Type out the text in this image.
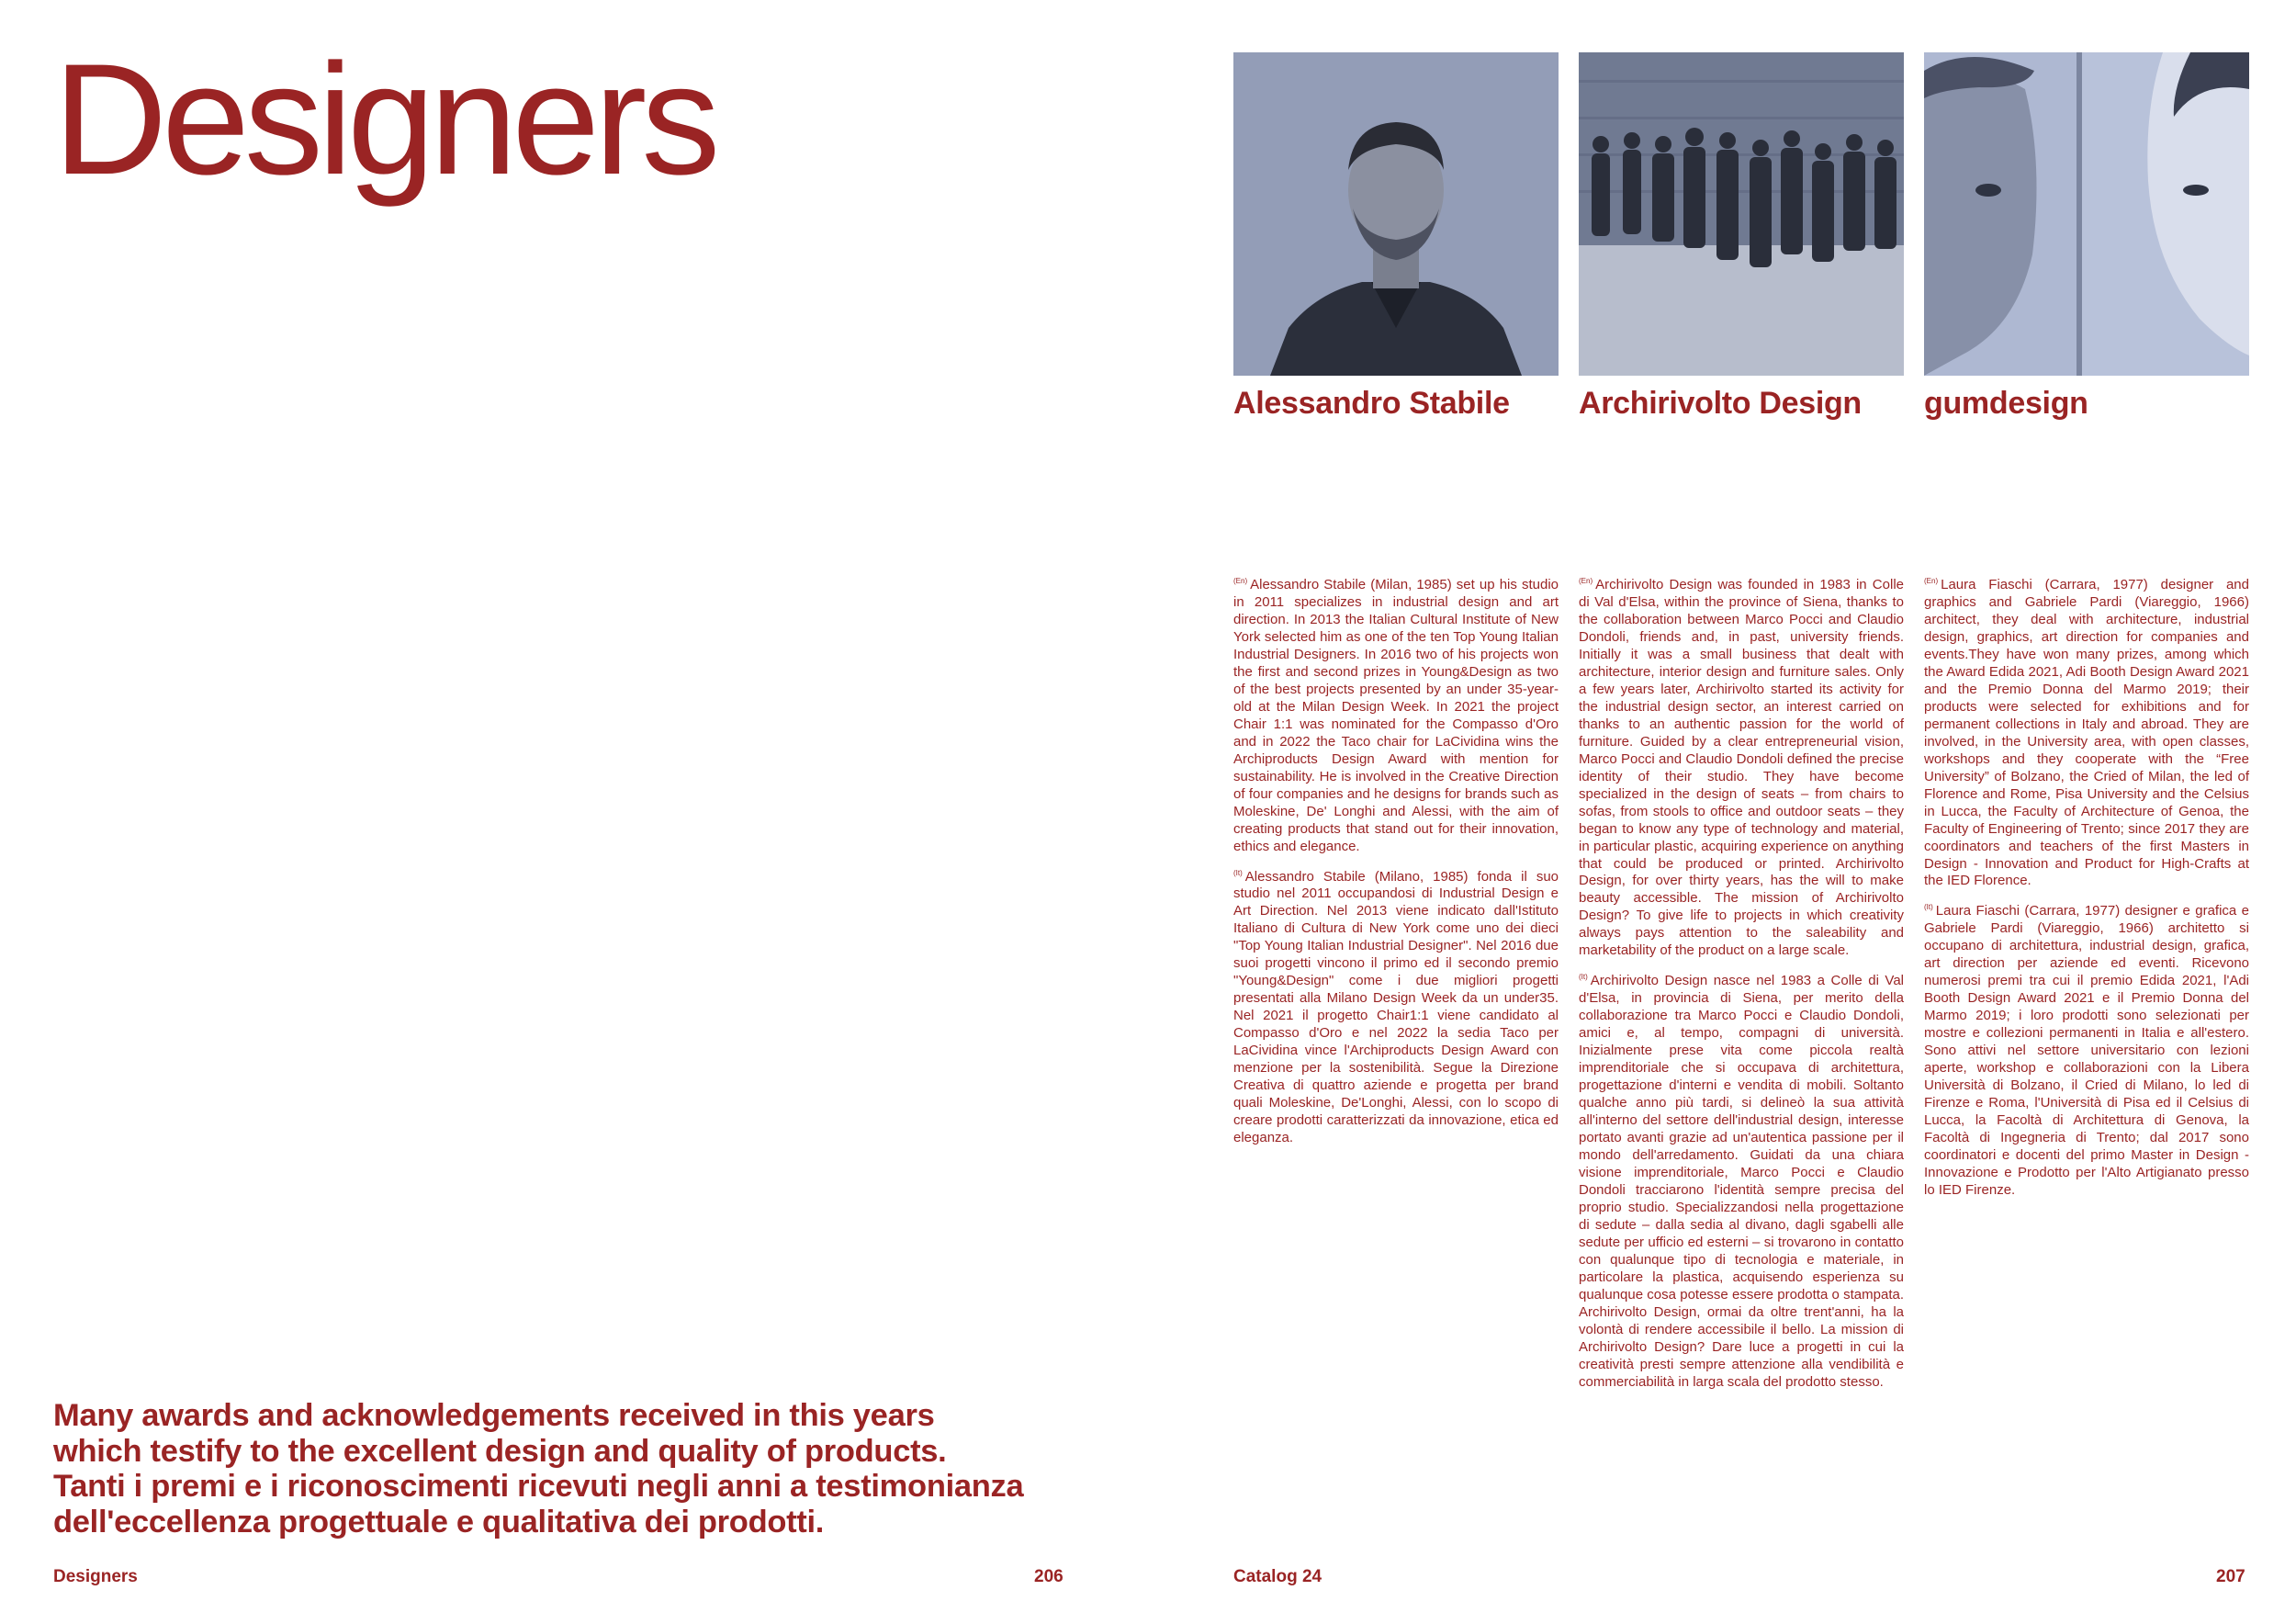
Designers
Many awards and acknowledgements received in this years
which testify to the excellent design and quality of products.
Tanti i premi e i riconoscimenti ricevuti negli anni a testimonianza
dell'eccellenza progettuale e qualitativa dei prodotti.
Designers	206	Catalog 24	207
Alessandro Stabile

$^{(En)}$ Alessandro Stabile (Milan, 1985) set up his studio in 2011 specializes in industrial design and art direction. In 2013 the Italian Cultural Institute of New York selected him as one of the ten Top Young Italian Industrial Designers. In 2016 two of his projects won the first and second prizes in Young&Design as two of the best projects presented by an under 35-year-old at the Milan Design Week. In 2021 the project Chair 1:1 was nominated for the Compasso d'Oro and in 2022 the Taco chair for LaCividina wins the Archiproducts Design Award with mention for sustainability. He is involved in the Creative Direction of four companies and he designs for brands such as Moleskine, De' Longhi and Alessi, with the aim of creating products that stand out for their innovation, ethics and elegance.

$^{(It)}$ Alessandro Stabile (Milano, 1985) fonda il suo studio nel 2011 occupandosi di Industrial Design e Art Direction. Nel 2013 viene indicato dall'Istituto Italiano di Cultura di New York come uno dei dieci "Top Young Italian Industrial Designer". Nel 2016 due suoi progetti vincono il primo ed il secondo premio "Young&Design" come i due migliori progetti presentati alla Milano Design Week da un under35. Nel 2021 il progetto Chair1:1 viene candidato al Compasso d'Oro e nel 2022 la sedia Taco per LaCividina vince l'Archiproducts Design Award con menzione per la sostenibilità. Segue la Direzione Creativa di quattro aziende e progetta per brand quali Moleskine, De'Longhi, Alessi, con lo scopo di creare prodotti caratterizzati da innovazione, etica ed eleganza.

Archirivolto Design

$^{(En)}$ Archirivolto Design was founded in 1983 in Colle di Val d'Elsa, within the province of Siena, thanks to the collaboration between Marco Pocci and Claudio Dondoli, friends and, in past, university friends. Initially it was a small business that dealt with architecture, interior design and furniture sales. Only a few years later, Archirivolto started its activity for the industrial design sector, an interest carried on thanks to an authentic passion for the world of furniture. Guided by a clear entrepreneurial vision, Marco Pocci and Claudio Dondoli defined the precise identity of their studio. They have become specialized in the design of seats – from chairs to sofas, from stools to office and outdoor seats – they began to know any type of technology and material, in particular plastic, acquiring experience on anything that could be produced or printed. Archirivolto Design, for over thirty years, has the will to make beauty accessible. The mission of Archirivolto Design? To give life to projects in which creativity always pays attention to the saleability and marketability of the product on a large scale.

$^{(It)}$ Archirivolto Design nasce nel 1983 a Colle di Val d'Elsa, in provincia di Siena, per merito della collaborazione tra Marco Pocci e Claudio Dondoli, amici e, al tempo, compagni di università. Inizialmente prese vita come piccola realtà imprenditoriale che si occupava di architettura, progettazione d'interni e vendita di mobili. Soltanto qualche anno più tardi, si delineò la sua attività all'interno del settore dell'industrial design, interesse portato avanti grazie ad un'autentica passione per il mondo dell'arredamento. Guidati da una chiara visione imprenditoriale, Marco Pocci e Claudio Dondoli tracciarono l'identità sempre precisa del proprio studio. Specializzandosi nella progettazione di sedute – dalla sedia al divano, dagli sgabelli alle sedute per ufficio ed esterni – si trovarono in contatto con qualunque tipo di tecnologia e materiale, in particolare la plastica, acquisendo esperienza su qualunque cosa potesse essere prodotta o stampata. Archirivolto Design, ormai da oltre trent'anni, ha la volontà di rendere accessibile il bello. La mission di Archirivolto Design? Dare luce a progetti in cui la creatività presti sempre attenzione alla vendibilità e commerciabilità in larga scala del prodotto stesso.

gumdesign

$^{(En)}$ Laura Fiaschi (Carrara, 1977) designer and graphics and Gabriele Pardi (Viareggio, 1966) architect, they deal with architecture, industrial design, graphics, art direction for companies and events.They have won many prizes, among which the Award Edida 2021, Adi Booth Design Award 2021 and the Premio Donna del Marmo 2019; their products were selected for exhibitions and for permanent collections in Italy and abroad. They are involved, in the University area, with open classes, workshops and they cooperate with the “Free University” of Bolzano, the Cried of Milan, the led of Florence and Rome, Pisa University and the Celsius in Lucca, the Faculty of Architecture of Genoa, the Faculty of Engineering of Trento; since 2017 they are coordinators and teachers of the first Masters in Design - Innovation and Product for High-Crafts at the IED Florence.

$^{(It)}$ Laura Fiaschi (Carrara, 1977) designer e grafica e Gabriele Pardi (Viareggio, 1966) architetto si occupano di architettura, industrial design, grafica, art direction per aziende ed eventi. Ricevono numerosi premi tra cui il premio Edida 2021, l'Adi Booth Design Award 2021 e il Premio Donna del Marmo 2019; i loro prodotti sono selezionati per mostre e collezioni permanenti in Italia e all'estero. Sono attivi nel settore universitario con lezioni aperte, workshop e collaborazioni con la Libera Università di Bolzano, il Cried di Milano, lo led di Firenze e Roma, l'Università di Pisa ed il Celsius di Lucca, la Facoltà di Architettura di Genova, la Facoltà di Ingegneria di Trento; dal 2017 sono coordinatori e docenti del primo Master in Design - Innovazione e Prodotto per l'Alto Artigianato presso lo IED Firenze.
